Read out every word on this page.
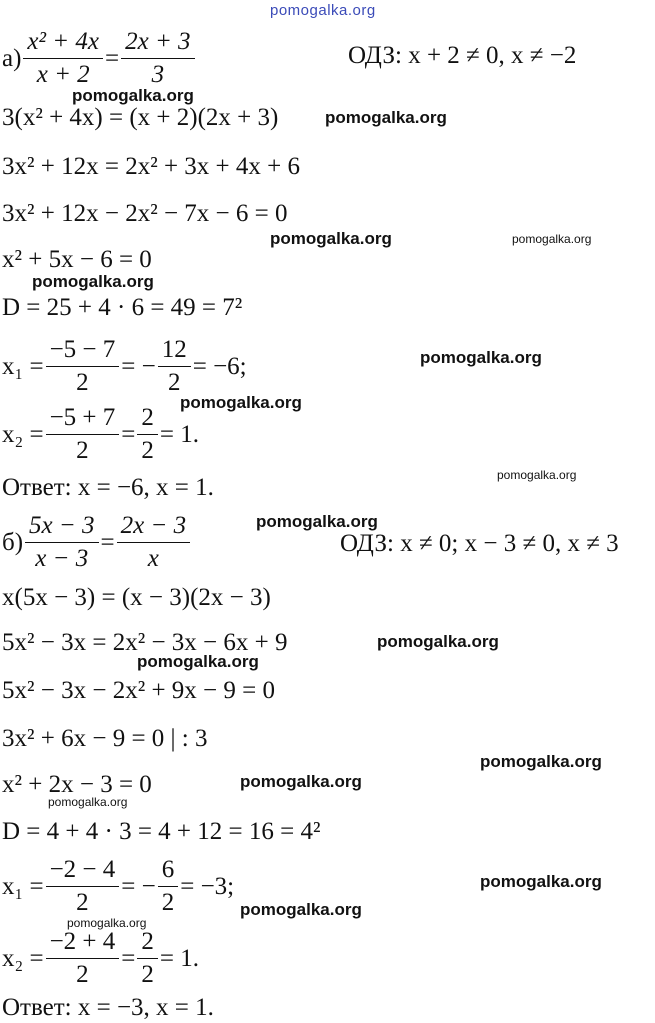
pomogalka.org
pomogalka.org
pomogalka.org
pomogalka.org	pomogalka.org
pomogalka.org
pomogalka.org
pomogalka.org
pomogalka.org
pomogalka.org
pomogalka.org
pomogalka.org
pomogalka.org
pomogalka.org
pomogalka.org
pomogalka.org
pomogalka.org
pomogalka.org
$а) \frac{\text{x² + 4x}}{x + 2} = \frac{2x + 3}{3}$	ОДЗ: x + 2 ≠ 0, x ≠ −2
3(x² + 4x) = (x + 2)(2x + 3)
3x² + 12x = 2x² + 3x + 4x + 6
3x² + 12x − 2x² − 7x − 6 = 0
x² + 5x − 6 = 0
D = 25 + 4 · 6 = 49 = 7²
$x_1 = \frac{-5 - 7}{2}$ = − $\frac{12}{2} = -6$;
$x_2 = \frac{-5 + 7}{2} = \frac{2}{2} = 1$.
Ответ: x = −6, x = 1.
$б) \frac{5x - 3}{x - 3} = \frac{2x - 3}{x}$	ОДЗ: x ≠ 0; x − 3 ≠ 0, x ≠ 3
x(5x − 3) = (x − 3)(2x − 3)
5x² − 3x = 2x² − 3x − 6x + 9
5x² − 3x − 2x² + 9x − 9 = 0
3x² + 6x − 9 = 0 | : 3
x² + 2x − 3 = 0
D = 4 + 4 · 3 = 4 + 12 = 16 = 4²
$x_1 = \frac{-2 - 4}{2}$ = − $\frac{6}{2} = -3$;
$x_2 = \frac{-2 + 4}{2} = \frac{2}{2} = 1$.
Ответ: x = −3, x = 1.
